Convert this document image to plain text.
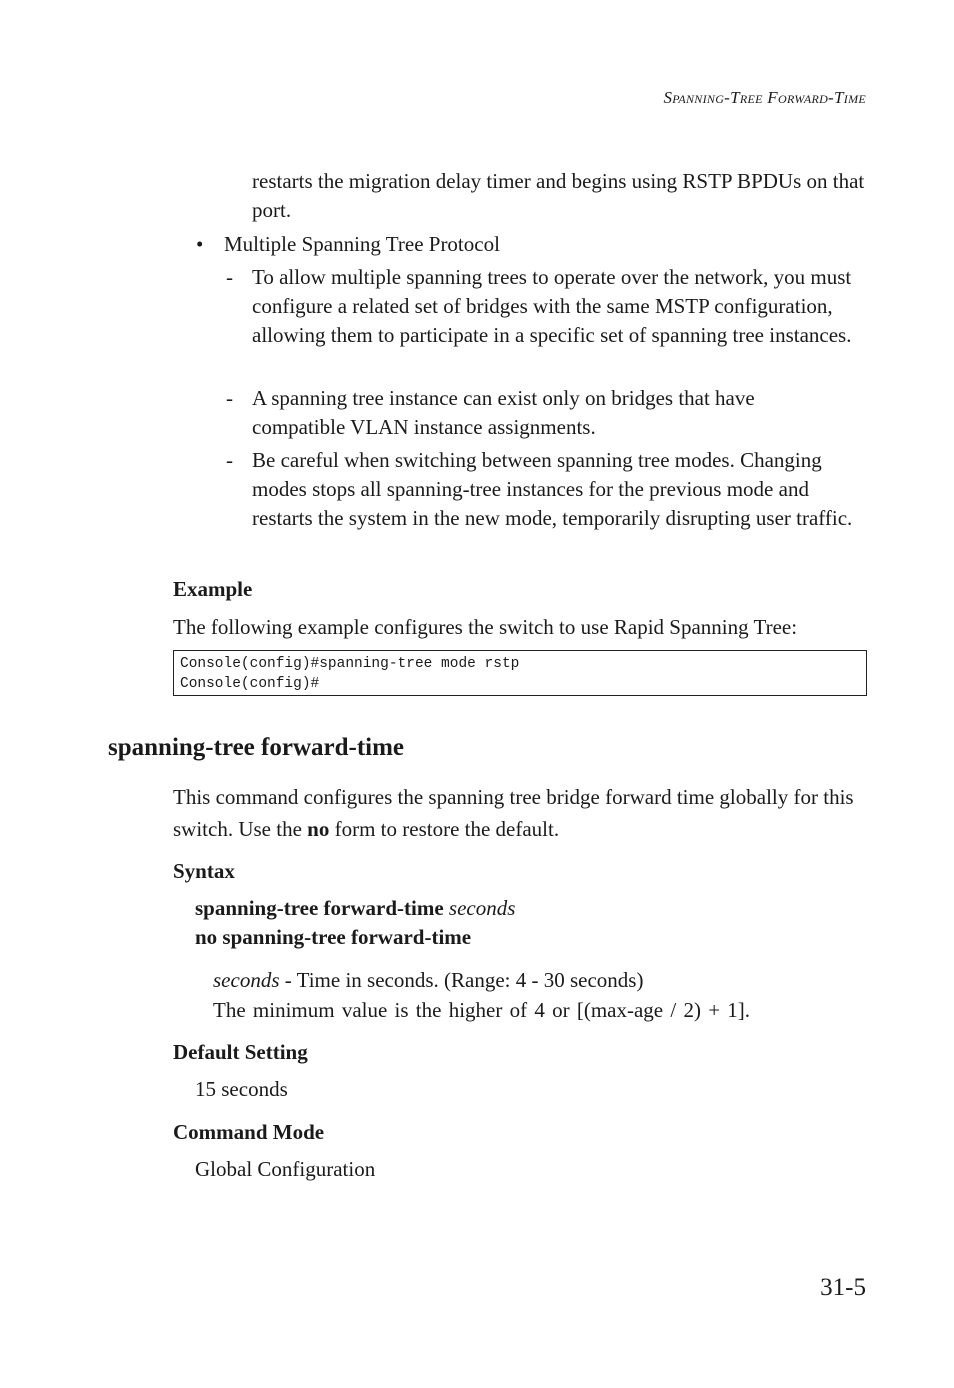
Spanning-Tree Forward-Time
restarts the migration delay timer and begins using RSTP BPDUs on that port.
• Multiple Spanning Tree Protocol
- To allow multiple spanning trees to operate over the network, you must configure a related set of bridges with the same MSTP configuration, allowing them to participate in a specific set of spanning tree instances.
- A spanning tree instance can exist only on bridges that have compatible VLAN instance assignments.
- Be careful when switching between spanning tree modes. Changing modes stops all spanning-tree instances for the previous mode and restarts the system in the new mode, temporarily disrupting user traffic.
Example
The following example configures the switch to use Rapid Spanning Tree:
Console(config)#spanning-tree mode rstp
Console(config)#
spanning-tree forward-time
This command configures the spanning tree bridge forward time globally for this switch. Use the no form to restore the default.
Syntax
spanning-tree forward-time seconds
no spanning-tree forward-time
seconds - Time in seconds. (Range: 4 - 30 seconds)
The minimum value is the higher of 4 or [(max-age / 2) + 1].
Default Setting
15 seconds
Command Mode
Global Configuration
31-5
